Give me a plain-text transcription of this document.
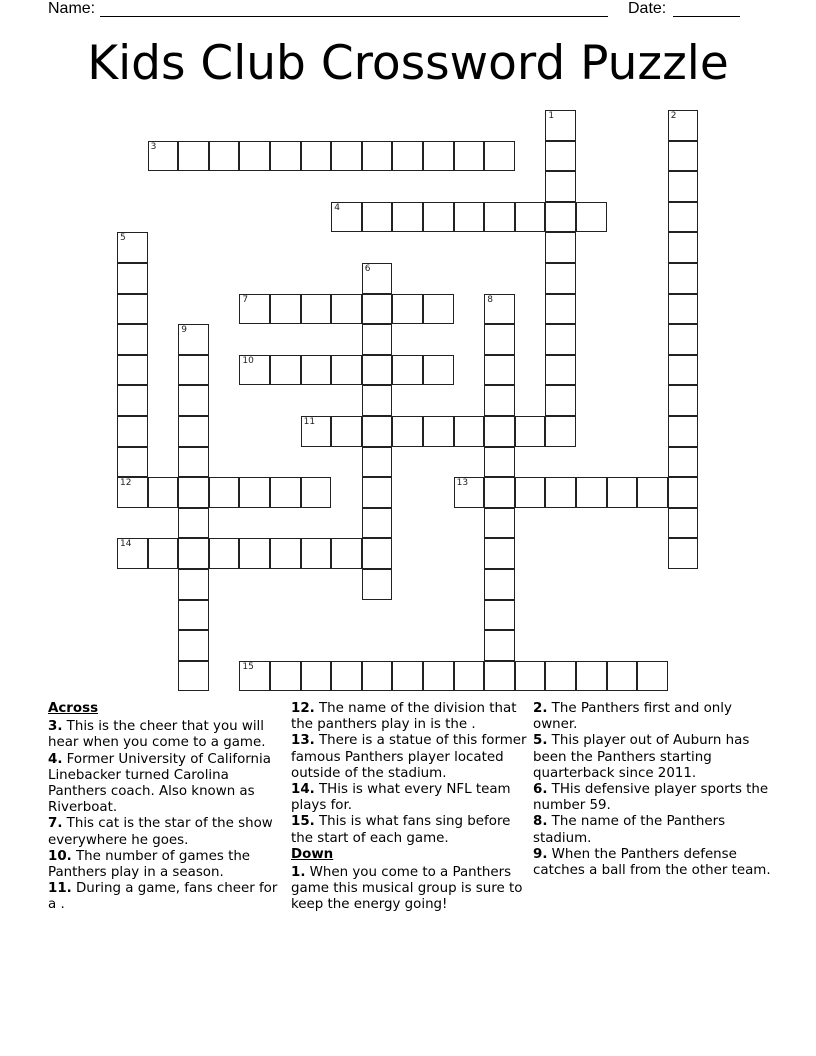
Name:	Date:
Kids Club Crossword Puzzle
1	2
3
4
5
12
6
7	8
9
10
11
13
14
15

Across

3. This is the cheer that you will hear when you come to a game.

4. Former University of California Linebacker turned Carolina Panthers coach. Also known as Riverboat.

7. This cat is the star of the show everywhere he goes.

10. The number of games the Panthers play in a season.

11. During a game, fans cheer for a .

12. The name of the division that the panthers play in is the .

13. There is a statue of this former famous Panthers player located outside of the stadium.

14. THis is what every NFL team plays for.

15. This is what fans sing before the start of each game.

Down

1. When you come to a Panthers game this musical group is sure to keep the energy going!

2. The Panthers first and only owner.

5. This player out of Auburn has been the Panthers starting quarterback since 2011.

6. THis defensive player sports the number 59.

8. The name of the Panthers stadium.

9. When the Panthers defense catches a ball from the other team.
